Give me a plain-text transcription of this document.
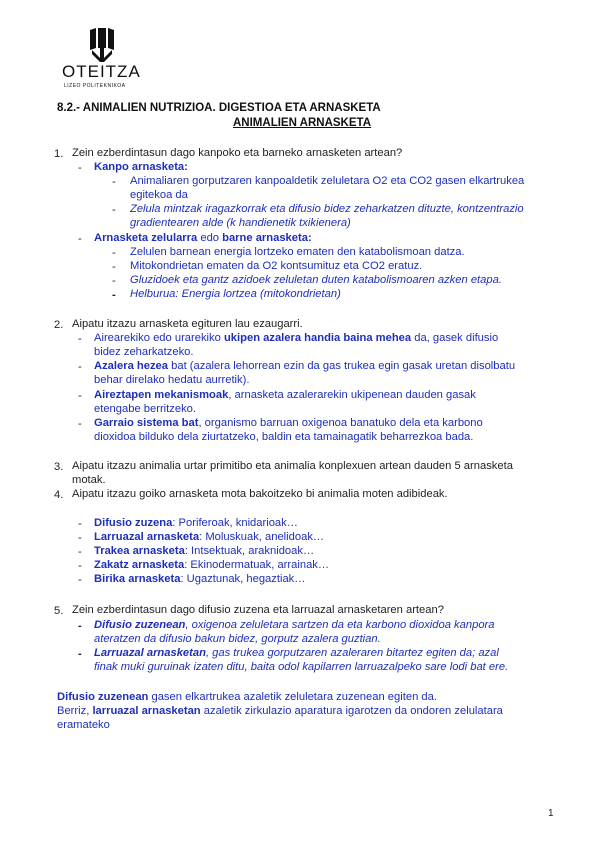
OTEITZA
LIZEO POLITEKNIKOA
8.2.- ANIMALIEN NUTRIZIOA. DIGESTIOA ETA ARNASKETA
ANIMALIEN ARNASKETA
1. Zein ezberdintasun dago kanpoko eta barneko arnasketen artean?
- Kanpo arnasketa:
- Animaliaren gorputzaren kanpoaldetik zeluletara O2 eta CO2 gasen elkartrukea
egitekoa da
- Zelula mintzak iragazkorrak eta difusio bidez zeharkatzen dituzte, kontzentrazio
gradientearen alde (k handienetik txikienera)
- Arnasketa zelularra edo barne arnasketa:
- Zelulen barnean energia lortzeko ematen den katabolismoan datza.
- Mitokondrietan ematen da O2 kontsumituz eta CO2 eratuz.
- Gluzidoek eta gantz azidoek zeluletan duten katabolismoaren azken etapa.
- Helburua: Energia lortzea (mitokondrietan)
2. Aipatu itzazu arnasketa egituren lau ezaugarri.
- Airearekiko edo urarekiko ukipen azalera handia baina mehea da, gasek difusio
bidez zeharkatzeko.
- Azalera hezea bat (azalera lehorrean ezin da gas trukea egin gasak uretan disolbatu
behar direlako hedatu aurretik).
- Aireztapen mekanismoak, arnasketa azalerarekin ukipenean dauden gasak
etengabe berritzeko.
- Garraio sistema bat, organismo barruan oxigenoa banatuko dela eta karbono
dioxidoa bilduko dela ziurtatzeko, baldin eta tamainagatik beharrezkoa bada.
3. Aipatu itzazu animalia urtar primitibo eta animalia konplexuen artean dauden 5 arnasketa
motak.
4. Aipatu itzazu goiko arnasketa mota bakoitzeko bi animalia moten adibideak.
- Difusio zuzena: Poriferoak, knidarioak…
- Larruazal arnasketa: Moluskuak, anelidoak…
- Trakea arnasketa: Intsektuak, araknidoak…
- Zakatz arnasketa: Ekinodermatuak, arrainak…
- Birika arnasketa: Ugaztunak, hegaztiak…
5. Zein ezberdintasun dago difusio zuzena eta larruazal arnasketaren artean?
- Difusio zuzenean, oxigenoa zeluletara sartzen da eta karbono dioxidoa kanpora
ateratzen da difusio bakun bidez, gorputz azalera guztian.
- Larruazal arnasketan, gas trukea gorputzaren azaleraren bitartez egiten da; azal
finak muki guruinak izaten ditu, baita odol kapilarren larruazalpeko sare lodi bat ere.
Difusio zuzenean gasen elkartrukea azaletik zeluletara zuzenean egiten da.
Berriz, larruazal arnasketan azaletik zirkulazio aparatura igarotzen da ondoren zelulatara
eramateko
1
